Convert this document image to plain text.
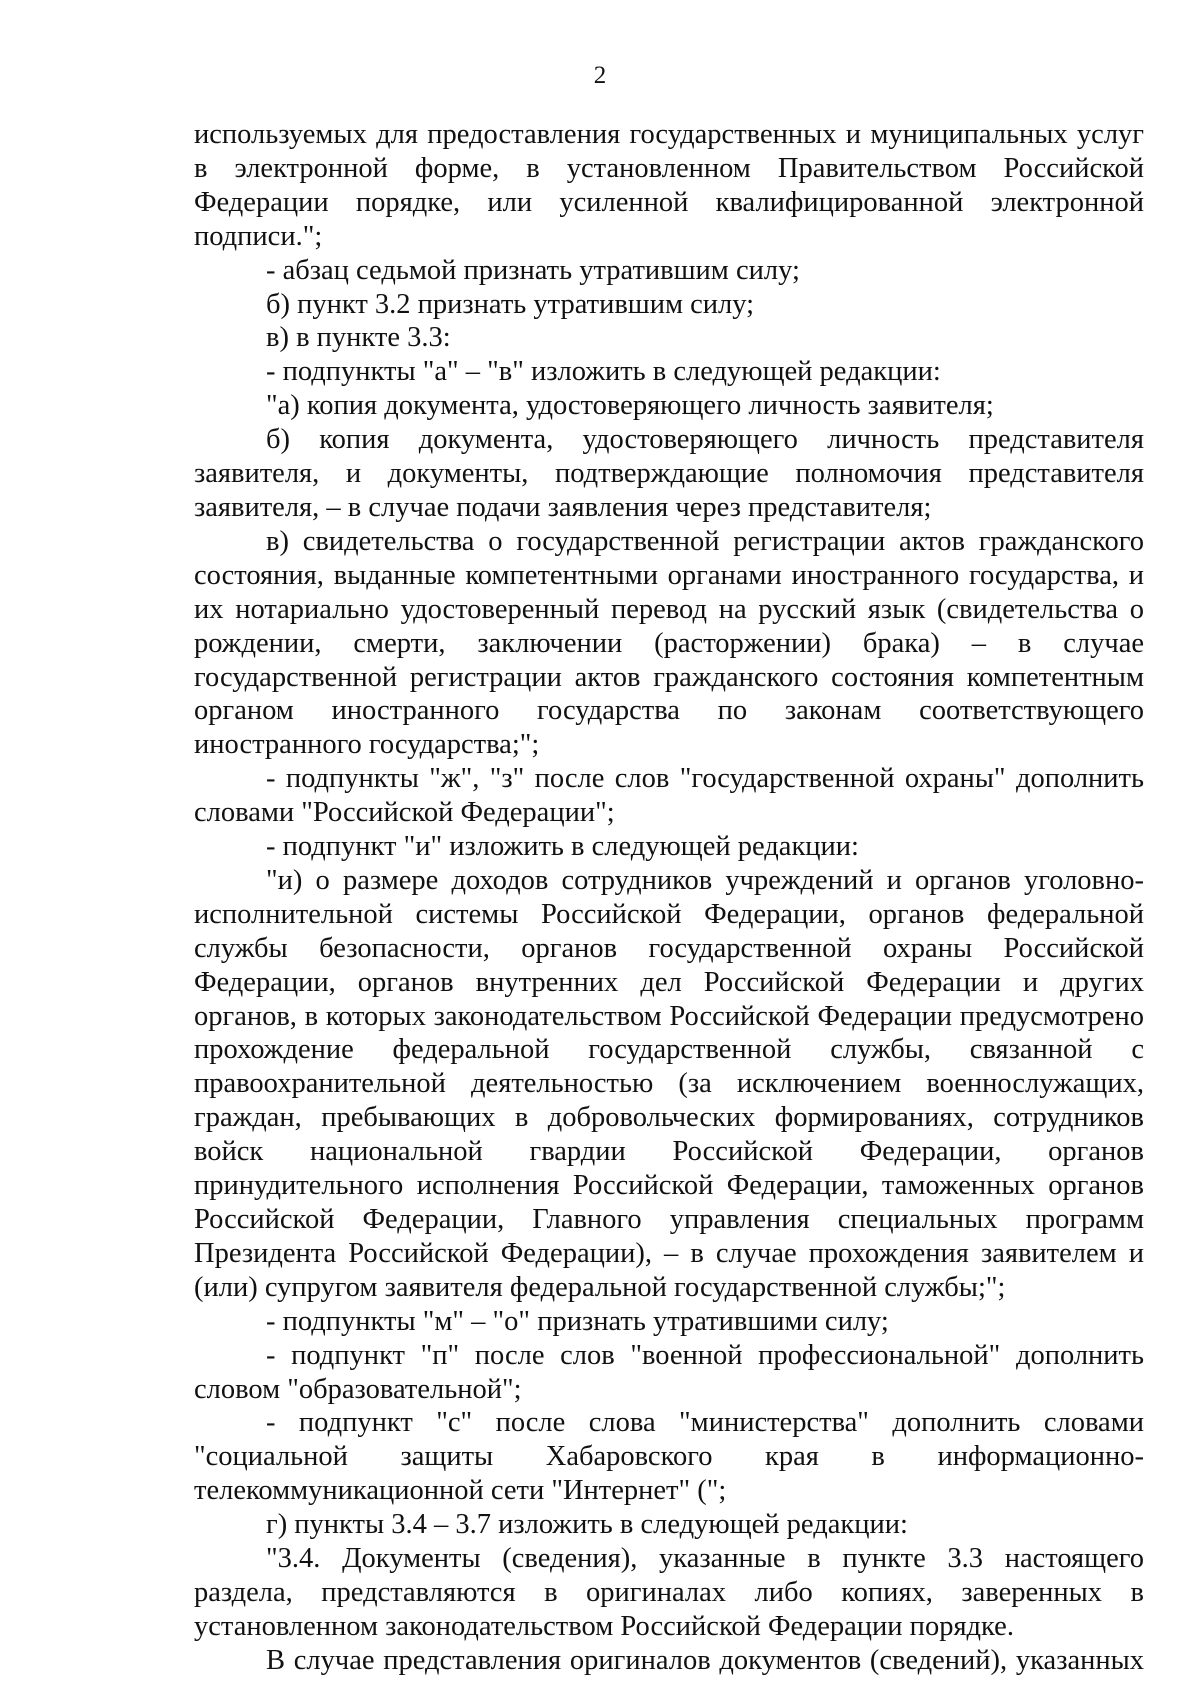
2

используемых для предоставления государственных и муниципальных услуг в электронной форме, в установленном Правительством Российской Федерации порядке, или усиленной квалифицированной электронной подписи.";

- абзац седьмой признать утратившим силу;

б) пункт 3.2 признать утратившим силу;

в) в пункте 3.3:

- подпункты "а" – "в" изложить в следующей редакции:

"а) копия документа, удостоверяющего личность заявителя;

б) копия документа, удостоверяющего личность представителя заявителя, и документы, подтверждающие полномочия представителя заявителя, – в случае подачи заявления через представителя;

в) свидетельства о государственной регистрации актов гражданского состояния, выданные компетентными органами иностранного государства, и их нотариально удостоверенный перевод на русский язык (свидетельства о рождении, смерти, заключении (расторжении) брака) – в случае государственной регистрации актов гражданского состояния компетентным органом иностранного государства по законам соответствующего иностранного государства;";

- подпункты "ж", "з" после слов "государственной охраны" дополнить словами "Российской Федерации";

- подпункт "и" изложить в следующей редакции:

"и) о размере доходов сотрудников учреждений и органов уголовно-исполнительной системы Российской Федерации, органов федеральной службы безопасности, органов государственной охраны Российской Федерации, органов внутренних дел Российской Федерации и других органов, в которых законодательством Российской Федерации предусмотрено прохождение федеральной государственной службы, связанной с правоохранительной деятельностью (за исключением военнослужащих, граждан, пребывающих в добровольческих формированиях, сотрудников войск национальной гвардии Российской Федерации, органов принудительного исполнения Российской Федерации, таможенных органов Российской Федерации, Главного управления специальных программ Президента Российской Федерации), – в случае прохождения заявителем и (или) супругом заявителя федеральной государственной службы;";

- подпункты "м" – "о" признать утратившими силу;

- подпункт "п" после слов "военной профессиональной" дополнить словом "образовательной";

- подпункт "с" после слова "министерства" дополнить словами "социальной защиты Хабаровского края в информационно-телекоммуникационной сети "Интернет" (";

г) пункты 3.4 – 3.7 изложить в следующей редакции:

"3.4. Документы (сведения), указанные в пункте 3.3 настоящего раздела, представляются в оригиналах либо копиях, заверенных в установленном законодательством Российской Федерации порядке.

В случае представления оригиналов документов (сведений), указанных
